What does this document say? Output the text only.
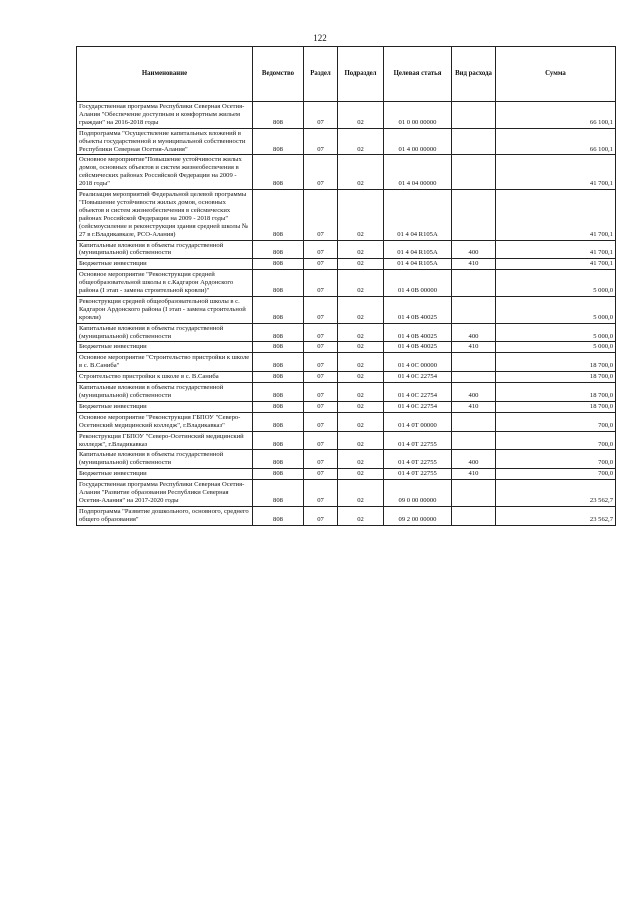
122
Наименование	Ведомство	Раздел	Подраздел	Целевая статья	Вид расхода	Сумма
Государственная программа Республики Северная Осетия-Алания "Обеспечение доступным и комфортным жильем граждан" на 2016-2018 годы	808	07	02	01 0 00 00000		66 100,1
Подпрограмма "Осуществление капитальных вложений в объекты государственной и муниципальной собственности Республики Северная Осетия-Алания"	808	07	02	01 4 00 00000		66 100,1
Основное мероприятие"Повышение устойчивости жилых домов, основных объектов и систем жизнеобеспечения в сейсмических районах Российской Федерации на 2009 - 2018 годы"	808	07	02	01 4 04 00000		41 700,1
Реализация мероприятий Федеральной целевой программы "Повышение устойчивости жилых домов, основных объектов и систем жизнеобеспечения в сейсмических районах Российской Федерации на 2009 - 2018 годы" (сейсмоусиление и реконструкция здания средней школы № 27 в г.Владикавказе, РСО-Алания)	808	07	02	01 4 04 R105А		41 700,1
Капитальные вложения в объекты государственной (муниципальной) собственности	808	07	02	01 4 04 R105А	400	41 700,1
Бюджетные инвестиции	808	07	02	01 4 04 R105А	410	41 700,1
Основное мероприятие "Реконструкция средней общеобразовательной школы в с.Кадгарон Ардонского района (I этап - замена строительной кровли)"	808	07	02	01 4 0В 00000		5 000,0
Реконструкция средней общеобразовательной школы в с. Кадгарон Ардонского района (I этап - замена строительной кровли)	808	07	02	01 4 0В 40025		5 000,0
Капитальные вложения в объекты государственной (муниципальной) собственности	808	07	02	01 4 0В 40025	400	5 000,0
Бюджетные инвестиции	808	07	02	01 4 0В 40025	410	5 000,0
Основное мероприятие "Строительство пристройки к школе в с. В.Саниба"	808	07	02	01 4 0С 00000		18 700,0
Строительство пристройки к школе в с. В.Саниба	808	07	02	01 4 0С 22754		18 700,0
Капитальные вложения в объекты государственной (муниципальной) собственности	808	07	02	01 4 0С 22754	400	18 700,0
Бюджетные инвестиции	808	07	02	01 4 0С 22754	410	18 700,0
Основное мероприятие "Реконструкция ГБПОУ "Северо-Осетинский медицинский колледж", г.Владикавказ"	808	07	02	01 4 0Т 00000		700,0
Реконструкция ГБПОУ "Северо-Осетинский медицинский колледж", г.Владикавказ	808	07	02	01 4 0Т 22755		700,0
Капитальные вложения в объекты государственной (муниципальной) собственности	808	07	02	01 4 0Т 22755	400	700,0
Бюджетные инвестиции	808	07	02	01 4 0Т 22755	410	700,0
Государственная программа Республики Северная Осетия-Алания "Развитие образования Республики Северная Осетия-Алания" на 2017-2020 годы	808	07	02	09 0 00 00000		23 562,7
Подпрограмма "Развитие дошкольного, основного, среднего общего образования"	808	07	02	09 2 00 00000		23 562,7
